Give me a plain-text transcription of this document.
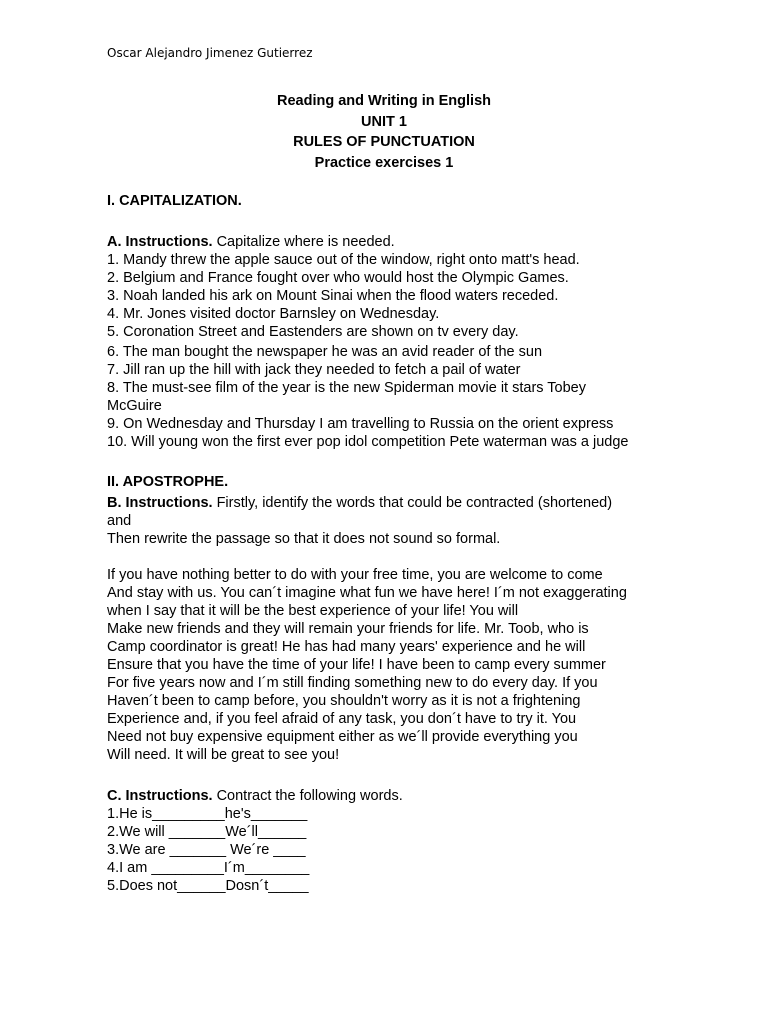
Oscar Alejandro Jimenez Gutierrez
Reading and Writing in English
UNIT 1
RULES OF PUNCTUATION
Practice exercises 1

I. CAPITALIZATION.

A. Instructions. Capitalize where is needed.

1. Mandy threw the apple sauce out of the window, right onto matt's head.

2. Belgium and France fought over who would host the Olympic Games.

3. Noah landed his ark on Mount Sinai when the flood waters receded.

4. Mr. Jones visited doctor Barnsley on Wednesday.

5. Coronation Street and Eastenders are shown on tv every day.

6. The man bought the newspaper he was an avid reader of the sun

7. Jill ran up the hill with jack they needed to fetch a pail of water

8. The must-see film of the year is the new Spiderman movie it stars Tobey McGuire

9. On Wednesday and Thursday I am travelling to Russia on the orient express

10. Will young won the first ever pop idol competition Pete waterman was a judge

II. APOSTROPHE.

B. Instructions. Firstly, identify the words that could be contracted (shortened) and

Then rewrite the passage so that it does not sound so formal.

If you have nothing better to do with your free time, you are welcome to come

And stay with us. You can´t imagine what fun we have here! I´m not exaggerating

when I say that it will be the best experience of your life! You will

Make new friends and they will remain your friends for life. Mr. Toob, who is

Camp coordinator is great! He has had many years' experience and he will

Ensure that you have the time of your life! I have been to camp every summer

For five years now and I´m still finding something new to do every day. If you

Haven´t been to camp before, you shouldn't worry as it is not a frightening

Experience and, if you feel afraid of any task, you don´t have to try it. You

Need not buy expensive equipment either as we´ll provide everything you

Will need. It will be great to see you!

C. Instructions. Contract the following words.

1.He is_________he's_______

2.We will _______We´ll______

3.We are _______ We´re ____

4.I am _________I´m________

5.Does not______Dosn´t_____
